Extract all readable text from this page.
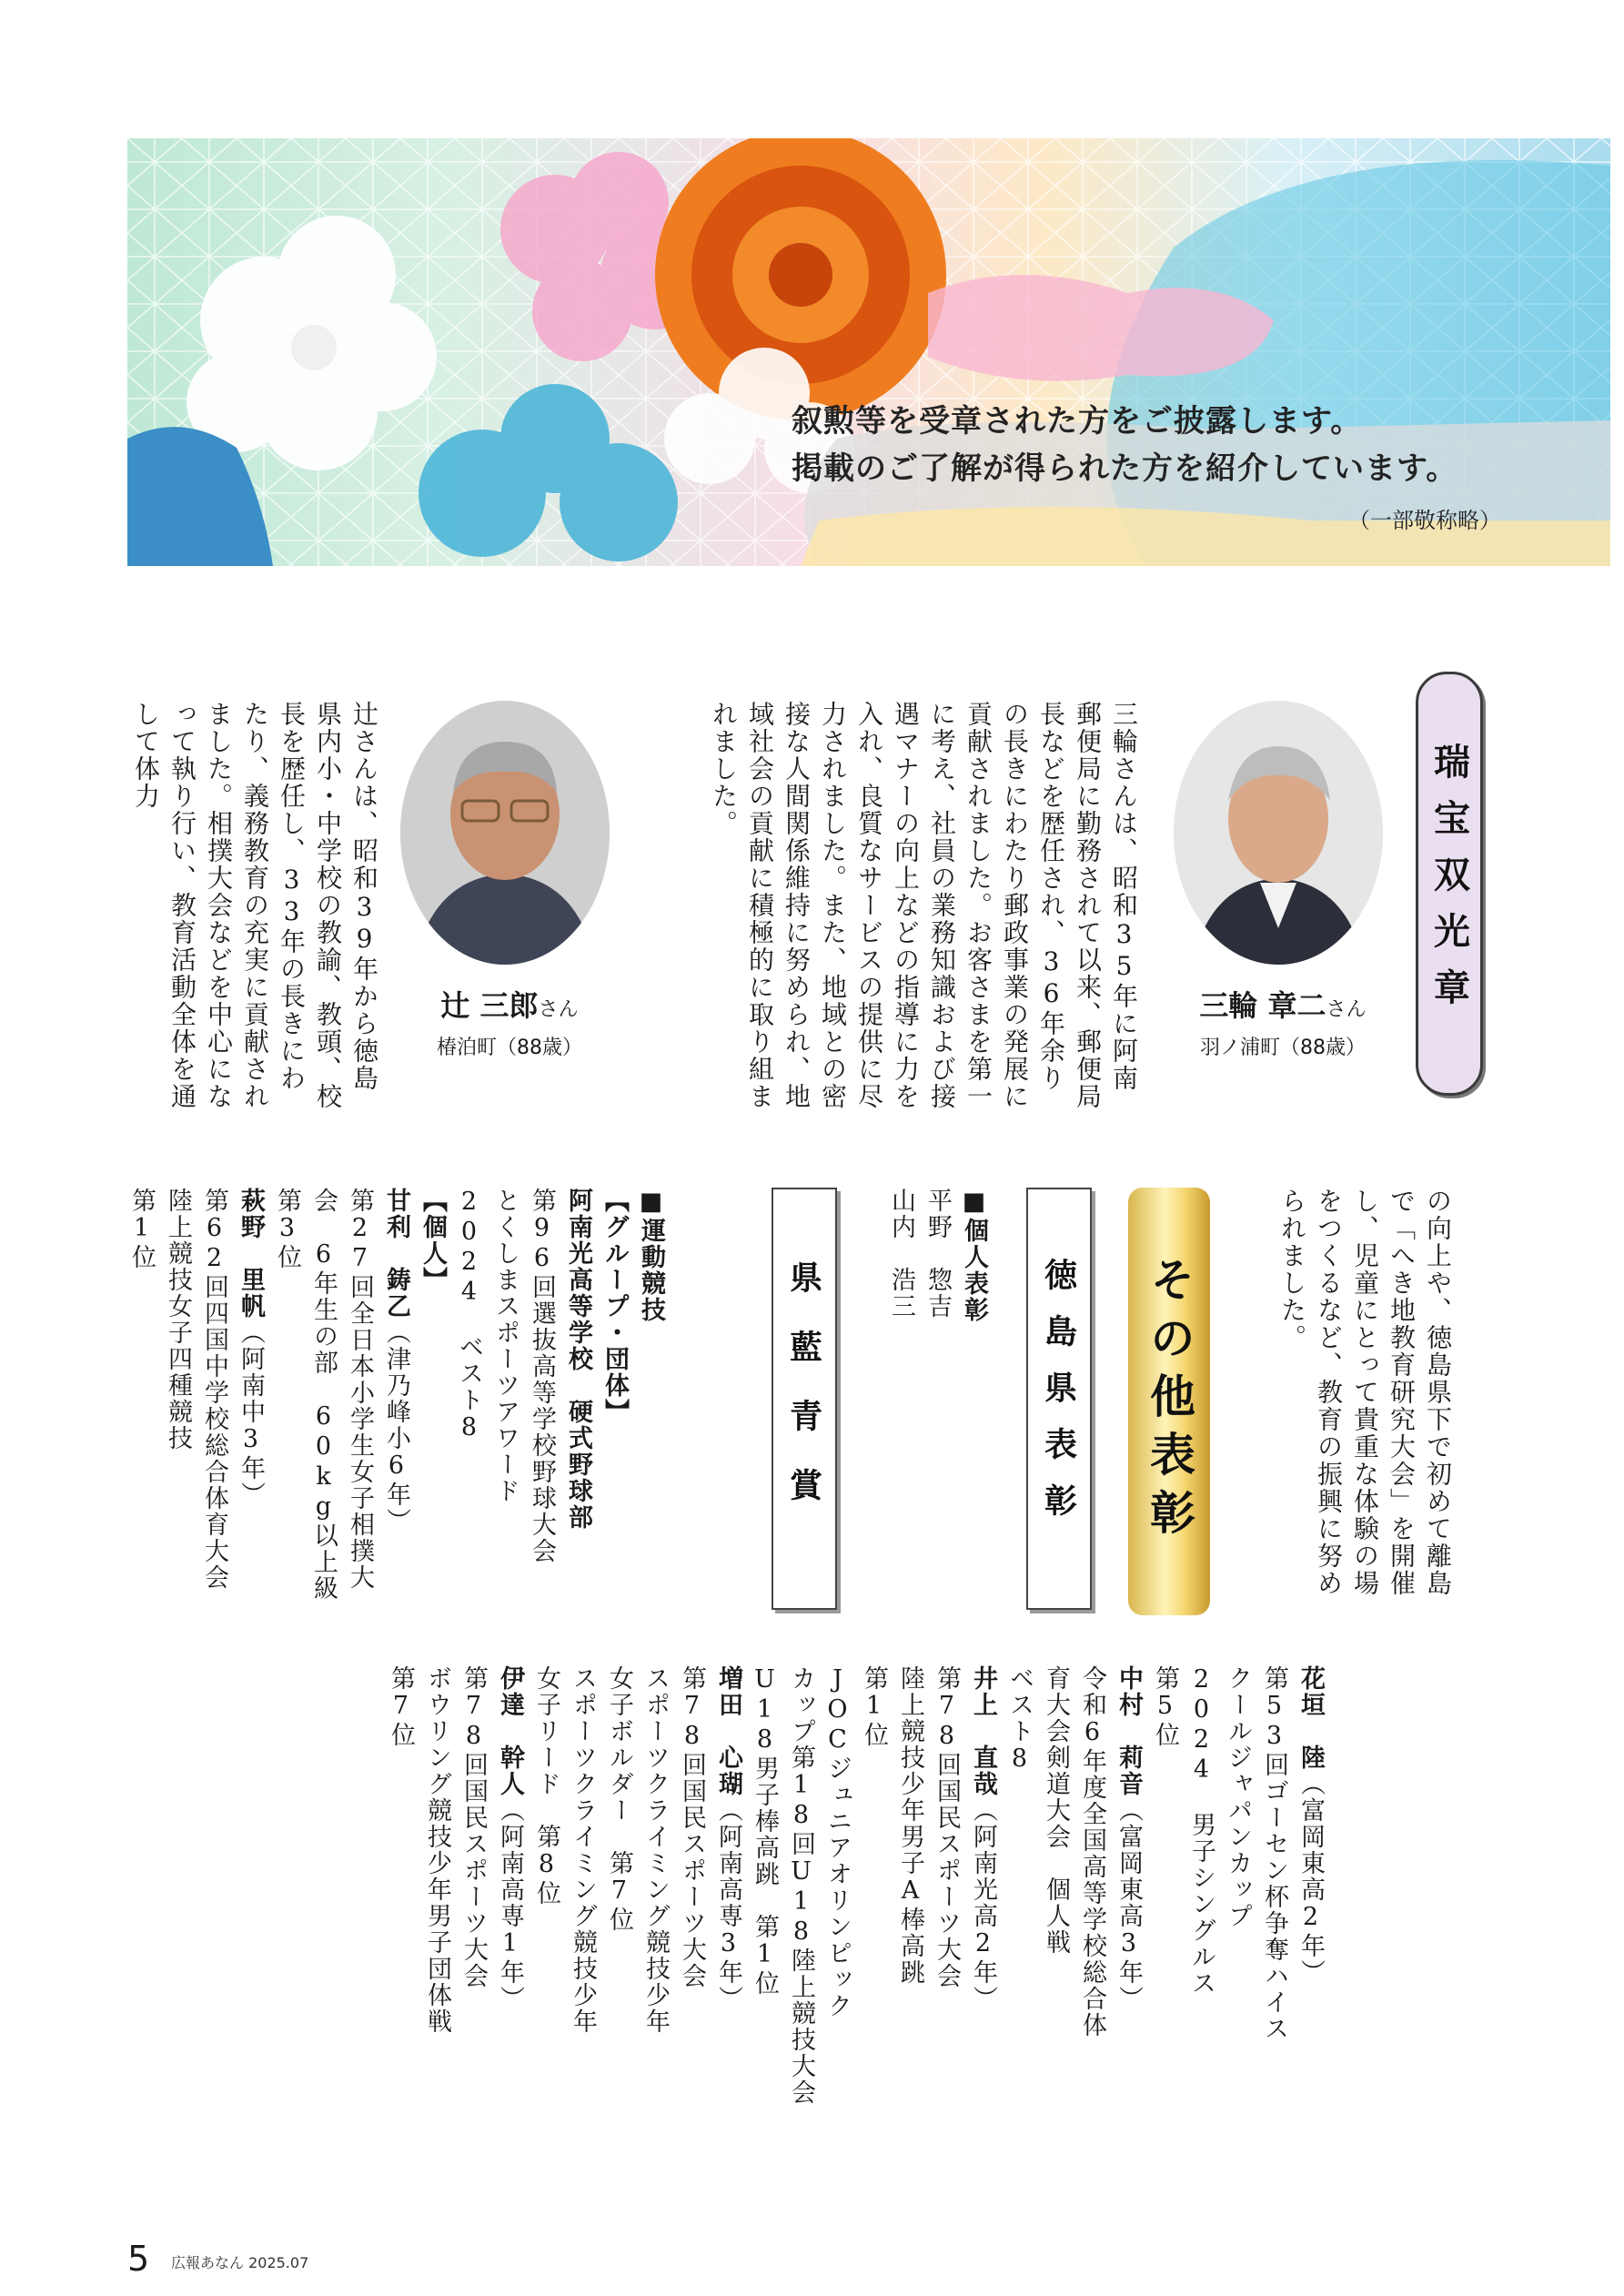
叙勲等を受章された方をご披露します。
掲載のご了解が得られた方を紹介しています。
（一部敬称略）
瑞宝双光章
三輪 章二さん
羽ノ浦町（88歳）
三輪さんは、昭和35年に阿南郵便局に勤務されて以来、郵便局長などを歴任され、36年余りの長きにわたり郵政事業の発展に貢献されました。お客さまを第一に考え、社員の業務知識および接遇マナーの向上などの指導に力を入れ、良質なサービスの提供に尽力されました。また、地域との密接な人間関係維持に努められ、地域社会の貢献に積極的に取り組まれました。
辻 三郎さん
椿泊町（88歳）
辻さんは、昭和39年から徳島県内小・中学校の教諭、教頭、校長を歴任し、33年の長きにわたり、義務教育の充実に貢献されました。相撲大会などを中心になって執り行い、教育活動全体を通して体力
の向上や、徳島県下で初めて離島で「へき地教育研究大会」を開催し、児童にとって貴重な体験の場をつくるなど、教育の振興に努められました。
その他表彰
徳島県表彰
■個人表彰
平野　惣吉
山内　浩三
県藍青賞
■運動競技
【グループ・団体】
阿南光高等学校　硬式野球部
第96回選抜高等学校野球大会
とくしまスポーツアワード
2024　ベスト8
【個人】
甘利　鋳乙（津乃峰小6年）
第27回全日本小学生女子相撲大
会　6年生の部　60kg以上級
第3位
萩野　里帆（阿南中3年）
第62回四国中学校総合体育大会
陸上競技女子四種競技
第1位
花垣　陸（富岡東高2年）
第53回ゴーセン杯争奪ハイス
クールジャパンカップ
2024　男子シングルス
第5位
中村　莉音（富岡東高3年）
令和6年度全国高等学校総合体
育大会剣道大会　個人戦
ベスト8
井上　直哉（阿南光高2年）
第78回国民スポーツ大会
陸上競技少年男子A棒高跳
第1位
JOCジュニアオリンピック
カップ第18回U18陸上競技大会
U18男子棒高跳　第1位
増田　心瑚（阿南高専3年）
第78回国民スポーツ大会
スポーツクライミング競技少年
女子ボルダー　第7位
スポーツクライミング競技少年
女子リード　第8位
伊達　幹人（阿南高専1年）
第78回国民スポーツ大会
ボウリング競技少年男子団体戦
第7位
5 広報あなん 2025.07
